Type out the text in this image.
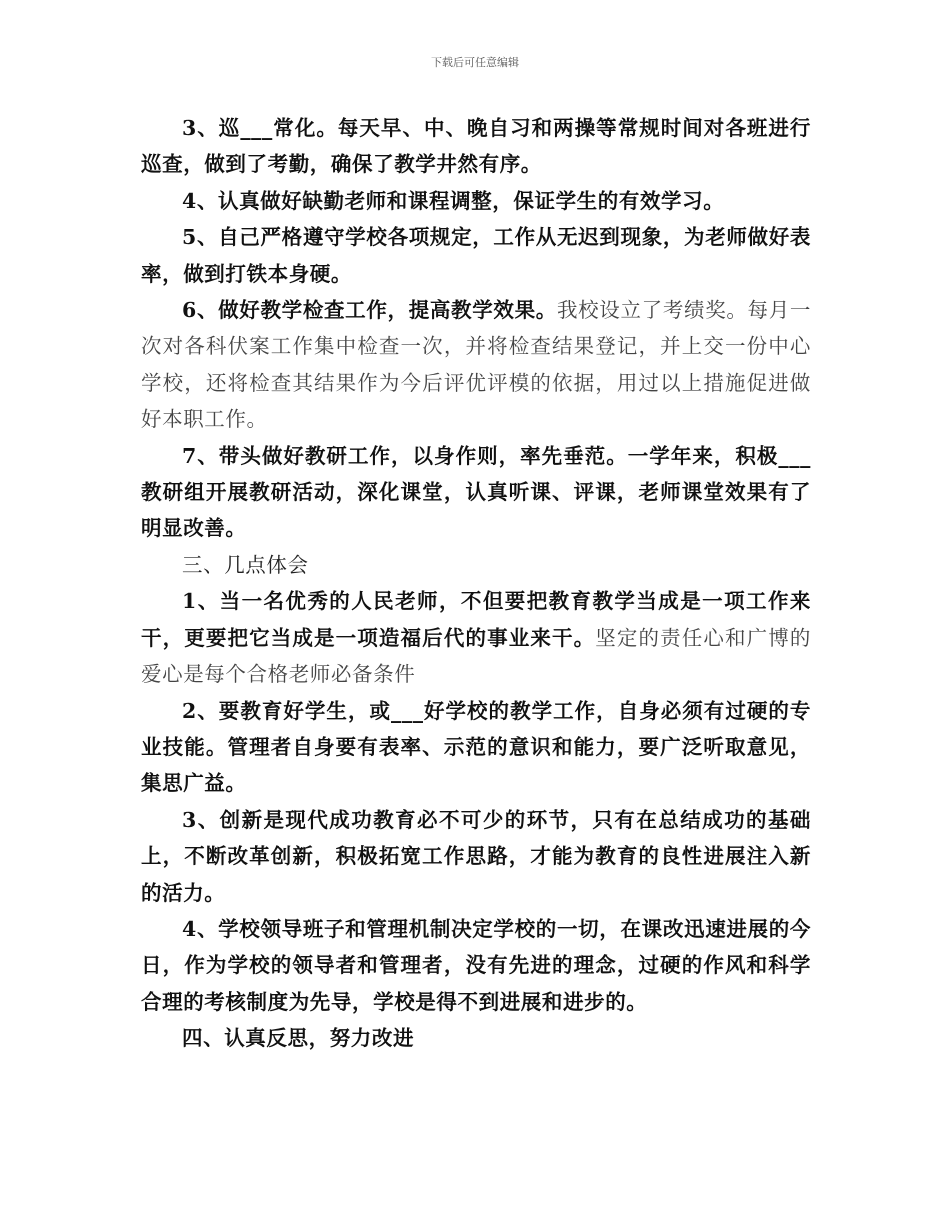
下载后可任意编辑

3、巡___常化。每天早、中、晚自习和两操等常规时间对各班进行巡查，做到了考勤，确保了教学井然有序。

4、认真做好缺勤老师和课程调整，保证学生的有效学习。

5、自己严格遵守学校各项规定，工作从无迟到现象，为老师做好表率，做到打铁本身硬。

6、做好教学检查工作，提高教学效果。我校设立了考绩奖。每月一次对各科伏案工作集中检查一次，并将检查结果登记，并上交一份中心学校，还将检查其结果作为今后评优评模的依据，用过以上措施促进做好本职工作。

7、带头做好教研工作，以身作则，率先垂范。一学年来，积极___教研组开展教研活动，深化课堂，认真听课、评课，老师课堂效果有了明显改善。

三、几点体会

1、当一名优秀的人民老师，不但要把教育教学当成是一项工作来干，更要把它当成是一项造福后代的事业来干。坚定的责任心和广博的爱心是每个合格老师必备条件

2、要教育好学生，或___好学校的教学工作，自身必须有过硬的专业技能。管理者自身要有表率、示范的意识和能力，要广泛听取意见，集思广益。

3、创新是现代成功教育必不可少的环节，只有在总结成功的基础上，不断改革创新，积极拓宽工作思路，才能为教育的良性进展注入新的活力。

4、学校领导班子和管理机制决定学校的一切，在课改迅速进展的今日，作为学校的领导者和管理者，没有先进的理念，过硬的作风和科学合理的考核制度为先导，学校是得不到进展和进步的。

四、认真反思，努力改进
